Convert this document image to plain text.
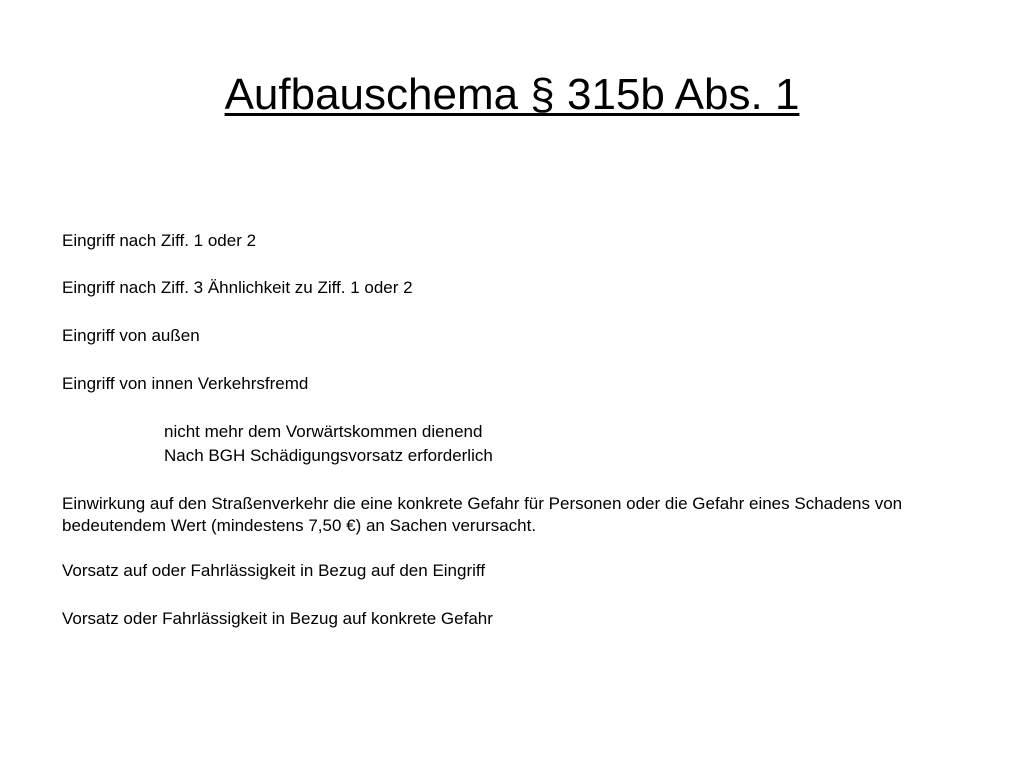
Aufbauschema § 315b Abs. 1
Eingriff nach Ziff. 1 oder 2
Eingriff nach Ziff. 3 Ähnlichkeit zu Ziff. 1 oder 2
Eingriff von außen
Eingriff von innen Verkehrsfremd
nicht mehr dem Vorwärtskommen dienend
Nach BGH Schädigungsvorsatz erforderlich
Einwirkung auf den Straßenverkehr die eine konkrete Gefahr für Personen oder die Gefahr eines Schadens von bedeutendem Wert (mindestens 7,50 €) an Sachen verursacht.
Vorsatz auf oder Fahrlässigkeit in Bezug auf den Eingriff
Vorsatz oder Fahrlässigkeit in Bezug auf konkrete Gefahr
